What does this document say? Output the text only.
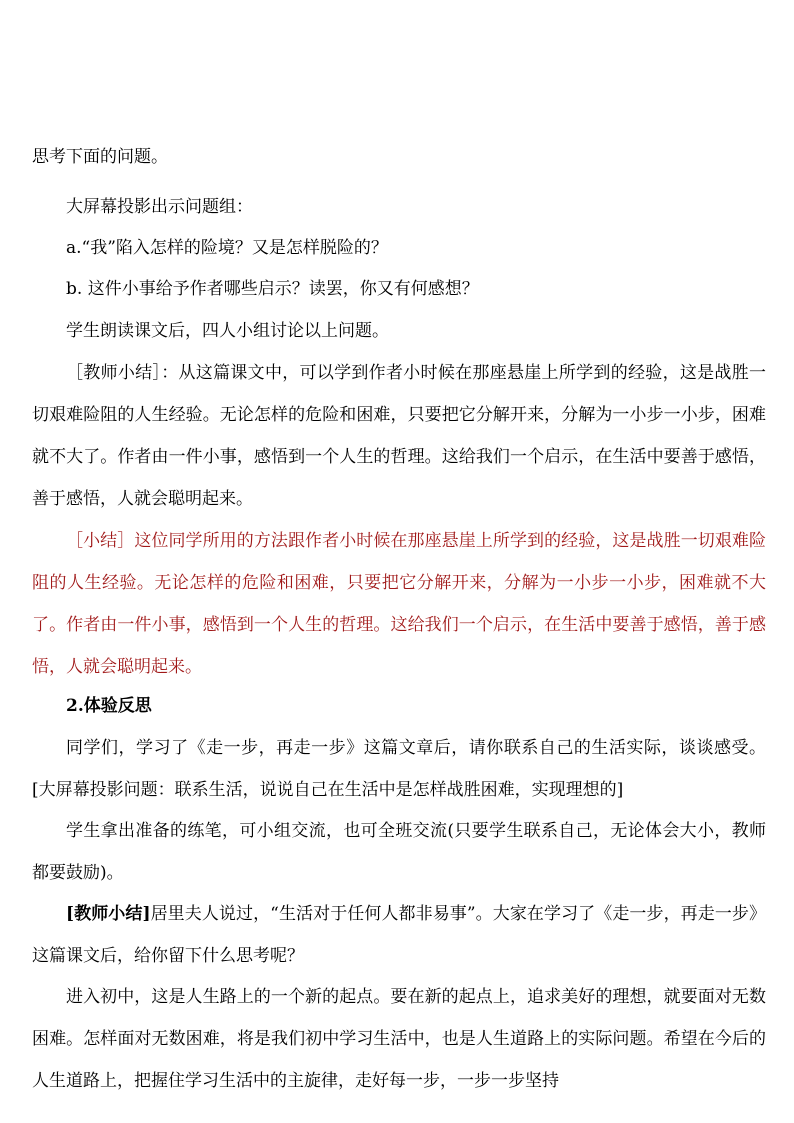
思考下面的问题。

大屏幕投影出示问题组：

a.“我”陷入怎样的险境？又是怎样脱险的？

b. 这件小事给予作者哪些启示？读罢，你又有何感想？

学生朗读课文后，四人小组讨论以上问题。

［教师小结］：从这篇课文中，可以学到作者小时候在那座悬崖上所学到的经验，这是战胜一切艰难险阻的人生经验。无论怎样的危险和困难，只要把它分解开来，分解为一小步一小步，困难就不大了。作者由一件小事，感悟到一个人生的哲理。这给我们一个启示，在生活中要善于感悟，善于感悟，人就会聪明起来。

［小结］这位同学所用的方法跟作者小时候在那座悬崖上所学到的经验，这是战胜一切艰难险阻的人生经验。无论怎样的危险和困难，只要把它分解开来，分解为一小步一小步，困难就不大了。作者由一件小事，感悟到一个人生的哲理。这给我们一个启示，在生活中要善于感悟，善于感悟，人就会聪明起来。

2.体验反思

同学们，学习了《走一步，再走一步》这篇文章后，请你联系自己的生活实际，谈谈感受。[大屏幕投影问题：联系生活，说说自己在生活中是怎样战胜困难，实现理想的]

学生拿出准备的练笔，可小组交流，也可全班交流(只要学生联系自己，无论体会大小，教师都要鼓励)。

[教师小结]居里夫人说过，“生活对于任何人都非易事”。大家在学习了《走一步，再走一步》这篇课文后，给你留下什么思考呢？

进入初中，这是人生路上的一个新的起点。要在新的起点上，追求美好的理想，就要面对无数困难。怎样面对无数困难，将是我们初中学习生活中，也是人生道路上的实际问题。希望在今后的人生道路上，把握住学习生活中的主旋律，走好每一步，一步一步坚持
